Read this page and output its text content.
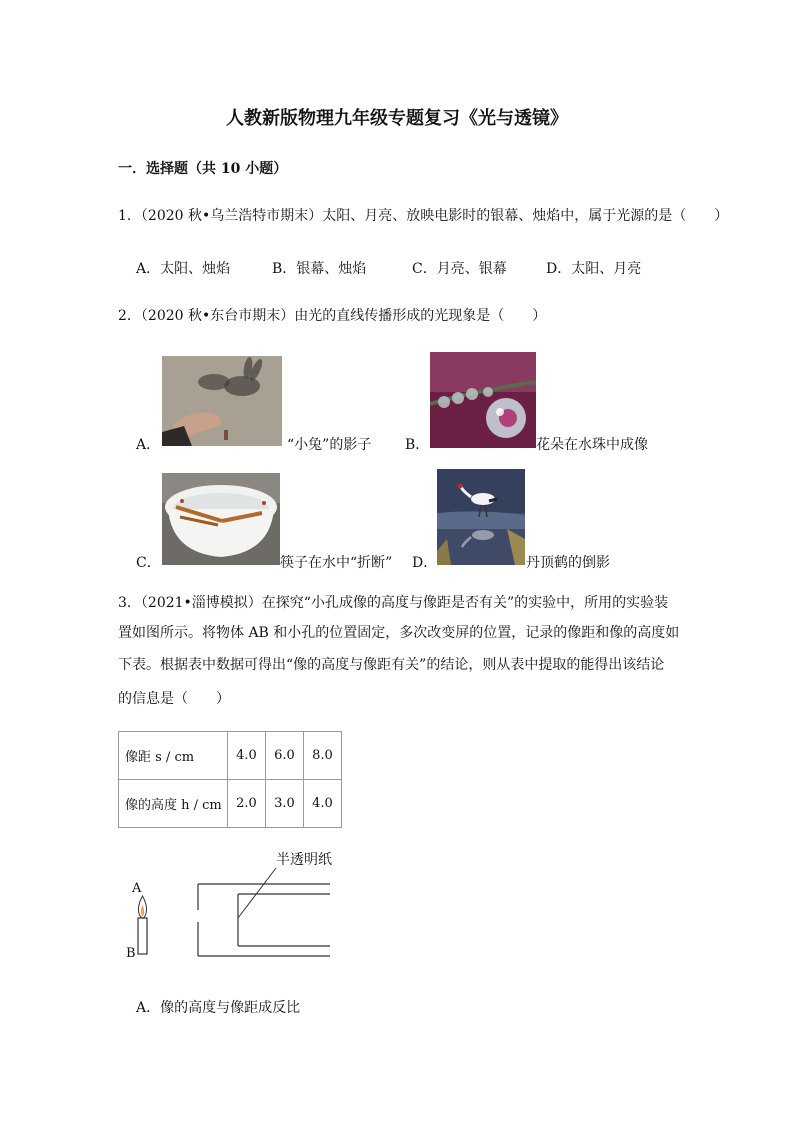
人教新版物理九年级专题复习《光与透镜》
一．选择题（共 10 小题）
1．（2020 秋•乌兰浩特市期末）太阳、月亮、放映电影时的银幕、烛焰中，属于光源的是（　　）
A．太阳、烛焰	B．银幕、烛焰	C．月亮、银幕	D．太阳、月亮
2．（2020 秋•东台市期末）由光的直线传播形成的光现象是（　　）
A．	“小兔”的影子 B．	花朵在水珠中成像
C．	筷子在水中“折断” D．	丹顶鹤的倒影
3．（2021•淄博模拟）在探究“小孔成像的高度与像距是否有关”的实验中，所用的实验装
置如图所示。将物体 AB 和小孔的位置固定，多次改变屏的位置，记录的像距和像的高度如
下表。根据表中数据可得出“像的高度与像距有关”的结论，则从表中提取的能得出该结论
的信息是（　　）
像距 s / cm	4.0	6.0	8.0
像的高度 h / cm	2.0	3.0	4.0
半透明纸
A
B
A．像的高度与像距成反比
